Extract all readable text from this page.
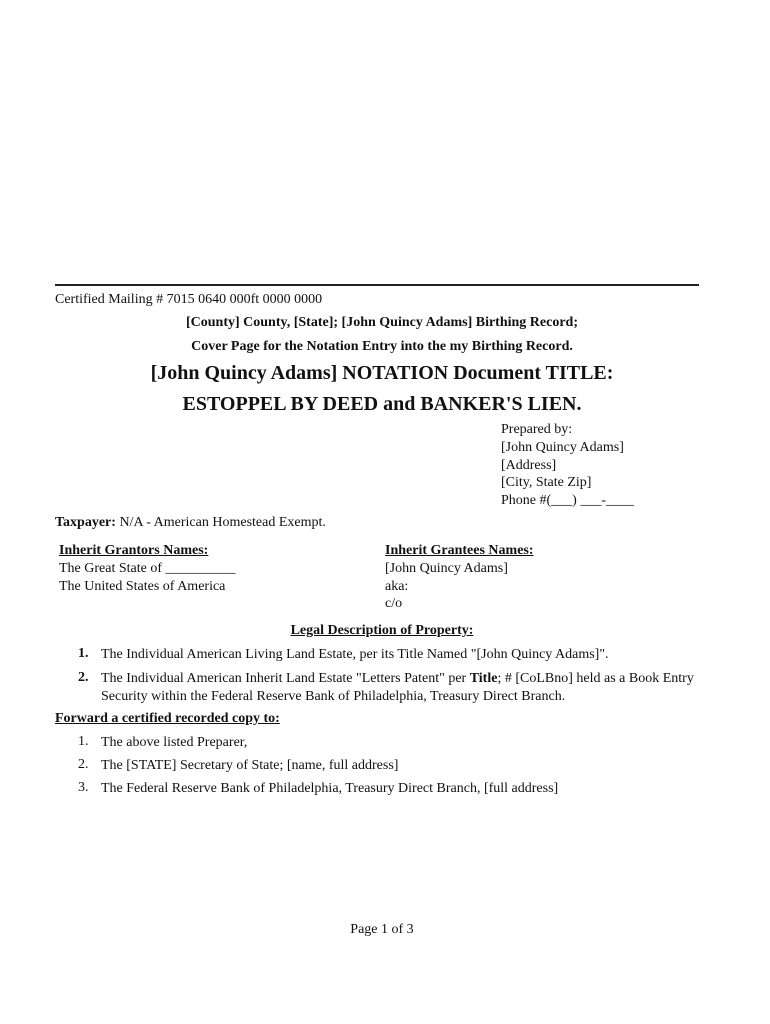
Certified Mailing # 7015 0640 000ft 0000 0000
[County] County, [State]; [John Quincy Adams] Birthing Record;
Cover Page for the Notation Entry into the my Birthing Record.
[John Quincy Adams] NOTATION Document TITLE:
ESTOPPEL BY DEED and BANKER'S LIEN.
Prepared by:
[John Quincy Adams]
[Address]
[City, State Zip]
Phone #(___) ___-____
Taxpayer: N/A - American Homestead Exempt.
Inherit Grantors Names:
The Great State of __________
The United States of America
Inherit Grantees Names:
[John Quincy Adams]
aka:
c/o
Legal Description of Property:
1. The Individual American Living Land Estate, per its Title Named "[John Quincy Adams]".
2. The Individual American Inherit Land Estate "Letters Patent" per Title; # [CoLBno] held as a Book Entry Security within the Federal Reserve Bank of Philadelphia, Treasury Direct Branch.
Forward a certified recorded copy to:
1. The above listed Preparer,
2. The [STATE] Secretary of State; [name, full address]
3. The Federal Reserve Bank of Philadelphia, Treasury Direct Branch, [full address]
Page 1 of 3
